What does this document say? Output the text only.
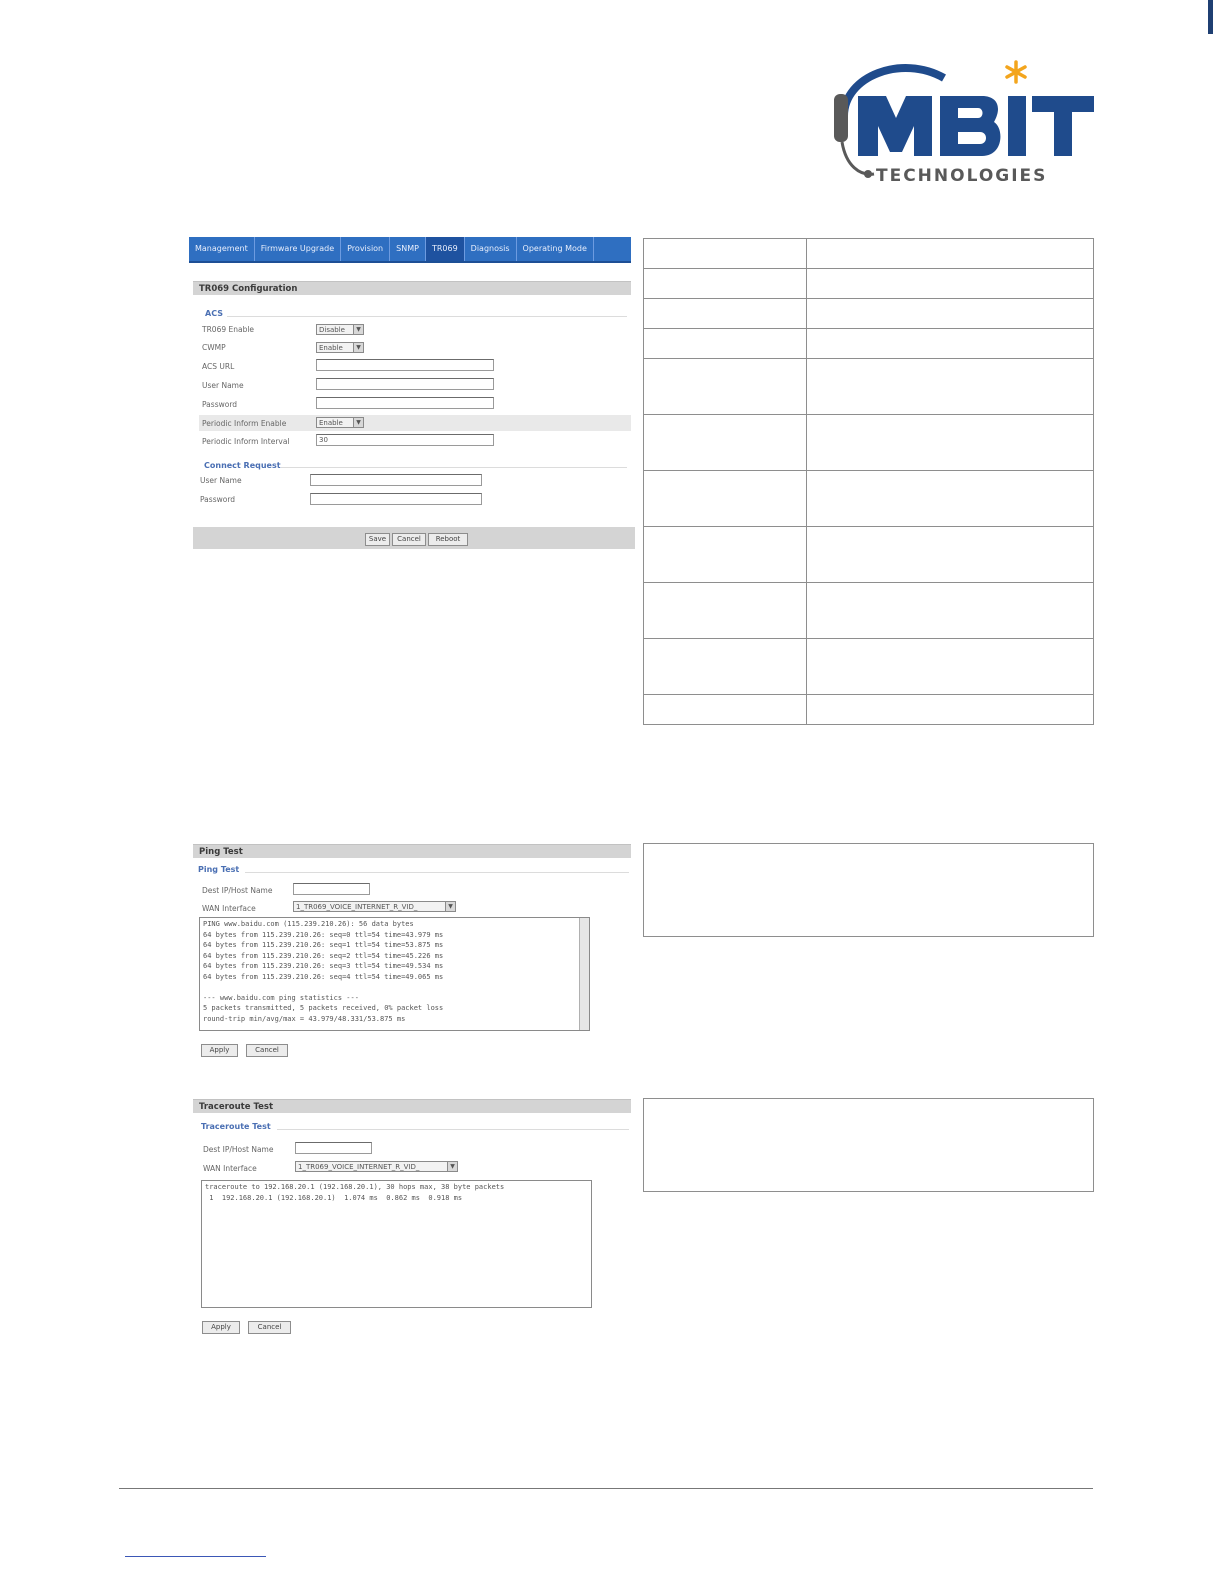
TECHNOLOGIES
Management	Firmware Upgrade	Provision	SNMP	TR069	Diagnosis	Operating Mode
TR069 Configuration
ACS
TR069 Enable	Disable	▼
CWMP	Enable	▼
ACS URL
User Name
Password
Periodic Inform Enable	Enable	▼
Periodic Inform Interval	30
Connect Request
User Name
Password
Save	Cancel	Reboot

Ping Test
Ping Test
Dest IP/Host Name
WAN Interface	1_TR069_VOICE_INTERNET_R_VID_	▼
PING www.baidu.com (115.239.210.26): 56 data bytes
64 bytes from 115.239.210.26: seq=0 ttl=54 time=43.979 ms
64 bytes from 115.239.210.26: seq=1 ttl=54 time=53.875 ms
64 bytes from 115.239.210.26: seq=2 ttl=54 time=45.226 ms
64 bytes from 115.239.210.26: seq=3 ttl=54 time=49.534 ms
64 bytes from 115.239.210.26: seq=4 ttl=54 time=49.065 ms
--- www.baidu.com ping statistics ---
5 packets transmitted, 5 packets received, 0% packet loss
round-trip min/avg/max = 43.979/48.331/53.875 ms
Apply	Cancel
Traceroute Test
Traceroute Test
Dest IP/Host Name
WAN Interface	1_TR069_VOICE_INTERNET_R_VID_	▼
traceroute to 192.168.20.1 (192.168.20.1), 30 hops max, 38 byte packets
1  192.168.20.1 (192.168.20.1)  1.074 ms  0.862 ms  0.918 ms
Apply	Cancel
